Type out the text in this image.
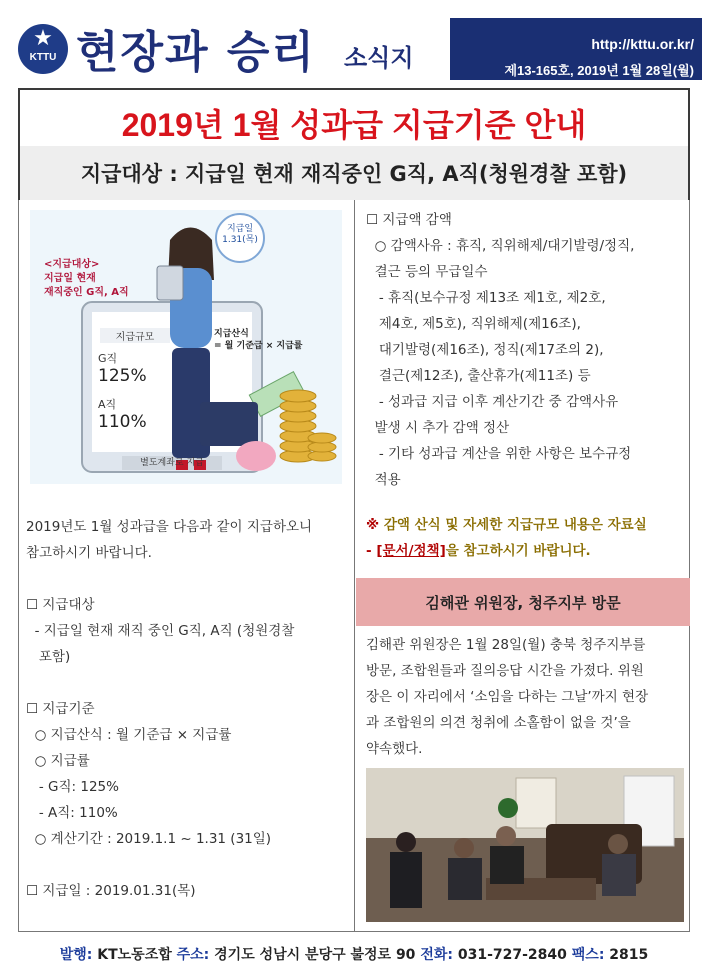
★
KTTU 현장과 승리 소식지	http://kttu.or.kr/
제13-165호, 2019년 1월 28일(월)
2019년 1월 성과급 지급기준 안내
지급대상 : 지급일 현재 재직중인 G직, A직(청원경찰 포함)
<지급대상>
지급일 현재
재직중인 G직, A직
지급일
1.31(목)
지급규모
G직
125%
A직
110%
지급산식
= 월 기준급 × 지급률
별도계좌로 지급
2019년도 1월 성과급을 다음과 같이 지급하오니
참고하시기 바랍니다.

☐ 지급대상
- 지급일 현재 재직 중인 G직, A직 (청원경찰
포함)

☐ 지급기준
○ 지급산식 : 월 기준급 × 지급률
○ 지급률
- G직: 125%
- A직: 110%
○ 계산기간 : 2019.1.1 ~ 1.31 (31일)

☐ 지급일 : 2019.01.31(목)
☐ 지급액 감액
○ 감액사유 : 휴직, 직위해제/대기발령/정직,
결근 등의 무급일수
- 휴직(보수규정 제13조 제1호, 제2호,
제4호, 제5호), 직위해제(제16조),
대기발령(제16조), 정직(제17조의 2),
결근(제12조), 출산휴가(제11조) 등
- 성과급 지급 이후 계산기간 중 감액사유
발생 시 추가 감액 정산
- 기타 성과급 계산을 위한 사항은 보수규정
적용
※ 감액 산식 및 자세한 지급규모 내용은 자료실
- [문서/정책]을 참고하시기 바랍니다.
김해관 위원장, 청주지부 방문
김해관 위원장은 1월 28일(월) 충북 청주지부를
방문, 조합원들과 질의응답 시간을 가졌다. 위원
장은 이 자리에서 ‘소임을 다하는 그날’까지 현장
과 조합원의 의견 청취에 소홀함이 없을 것’을
약속했다.
발행: KT노동조합 주소: 경기도 성남시 분당구 불정로 90 전화: 031-727-2840 팩스: 2815
